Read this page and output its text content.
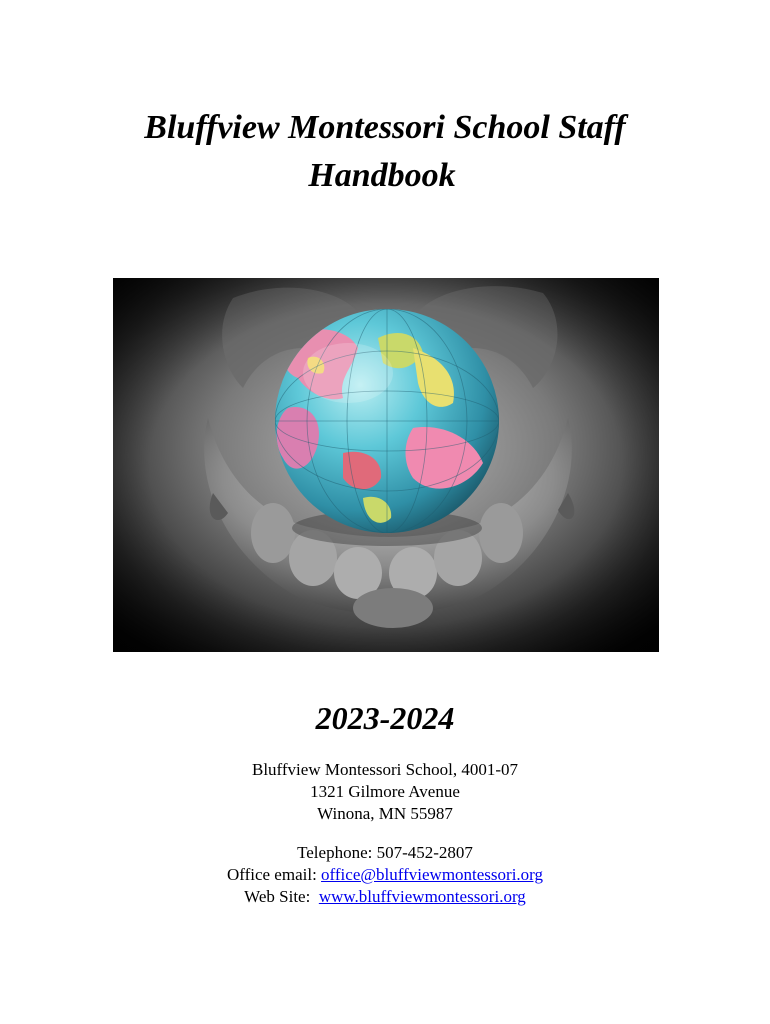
Bluffview Montessori School Staff
Handbook
2023-2024
Bluffview Montessori School, 4001-07
1321 Gilmore Avenue
Winona, MN 55987
Telephone: 507-452-2807
Office email: office@bluffviewmontessori.org
Web Site:  www.bluffviewmontessori.org
